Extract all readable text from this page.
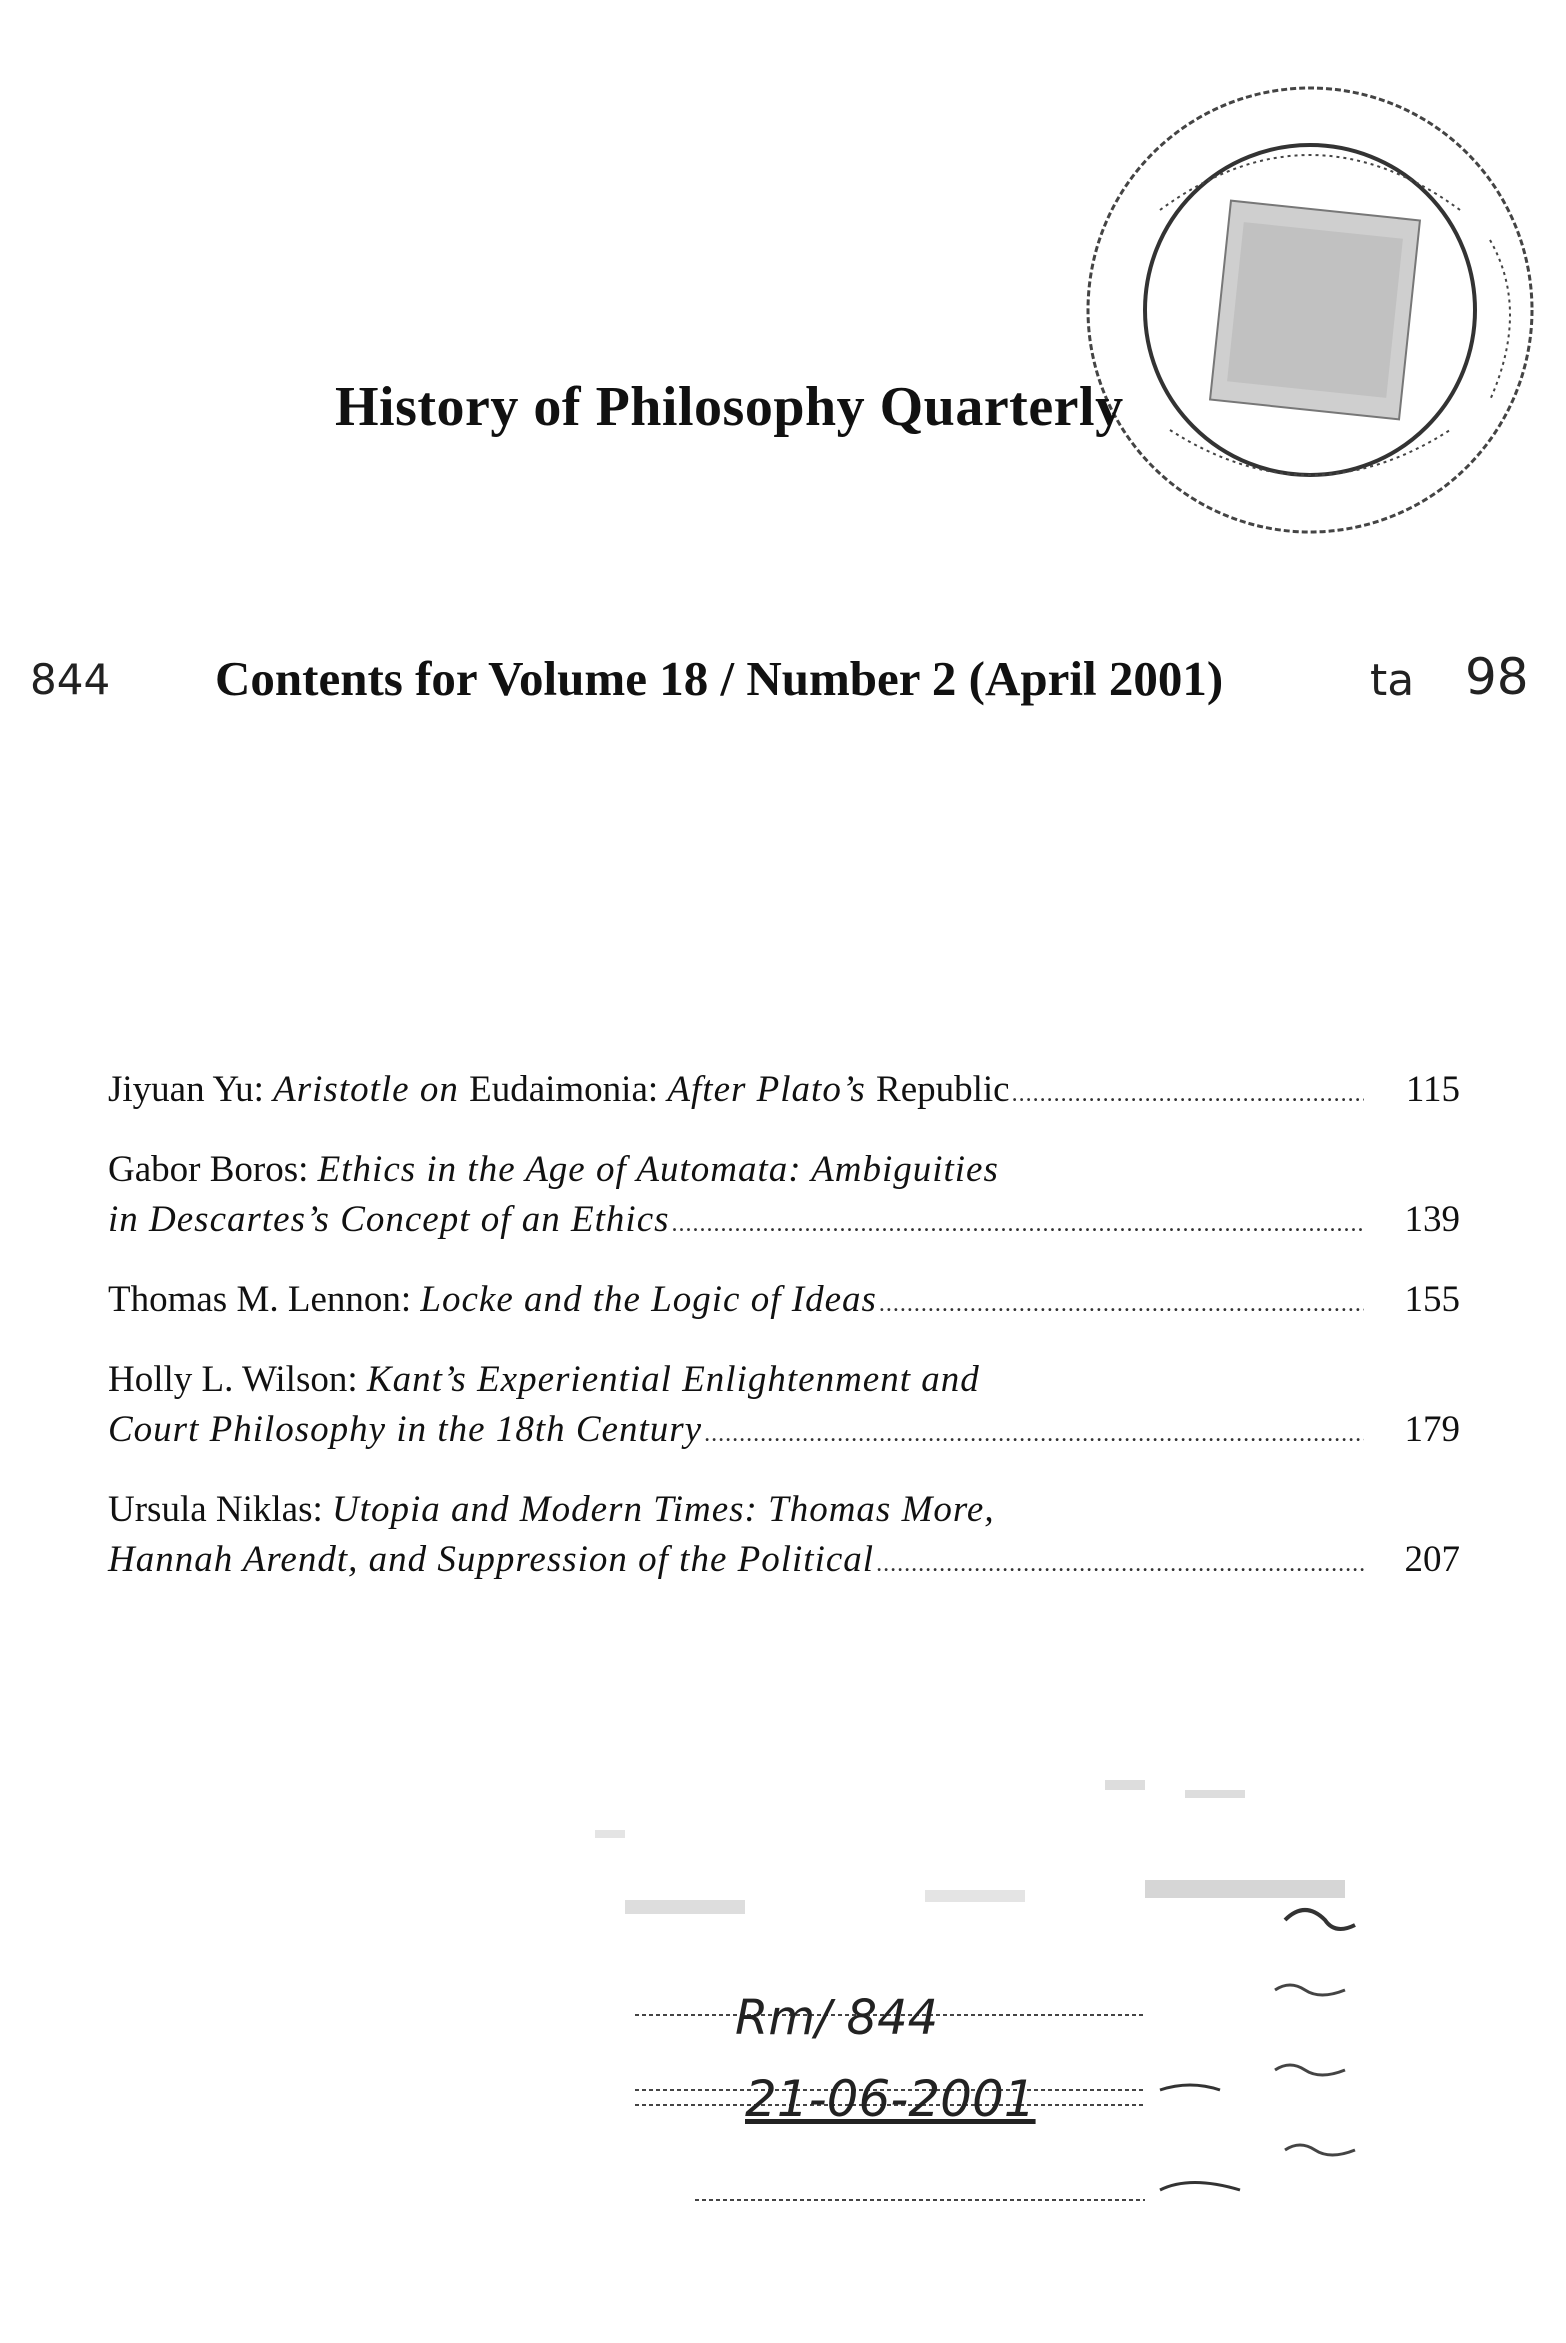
History of Philosophy Quarterly
844 Contents for Volume 18 / Number 2 (April 2001)	ta 98
Jiyuan Yu: Aristotle on Eudaimonia: After Plato’s Republic .....	115
Gabor Boros: Ethics in the Age of Automata: Ambiguities
in Descartes’s Concept of an Ethics .....	139
Thomas M. Lennon: Locke and the Logic of Ideas .....	155
Holly L. Wilson: Kant’s Experiential Enlightenment and
Court Philosophy in the 18th Century .....	179
Ursula Niklas: Utopia and Modern Times: Thomas More,
Hannah Arendt, and Suppression of the Political .....	207
Rm/ 844
21-06-2001
